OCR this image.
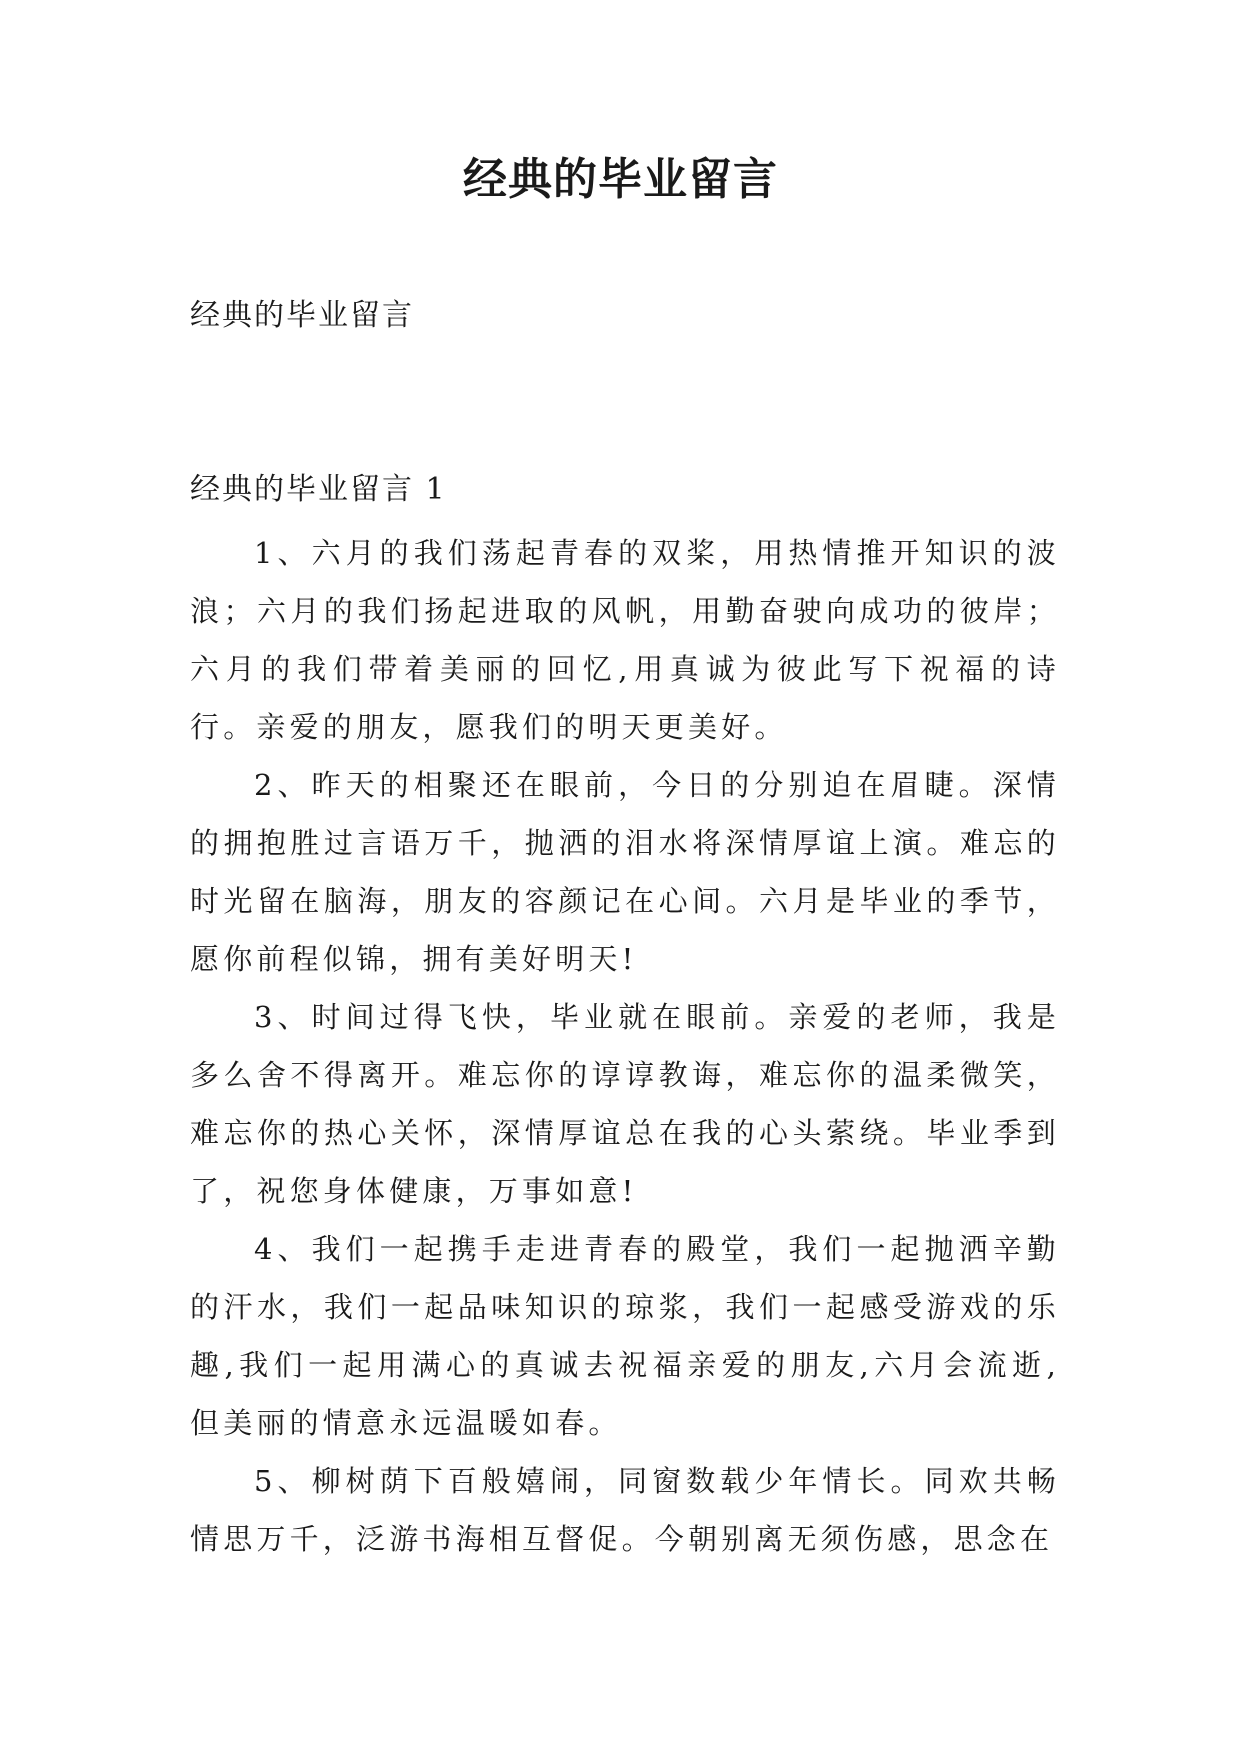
经典的毕业留言

经典的毕业留言

经典的毕业留言 1

1、六月的我们荡起青春的双桨，用热情推开知识的波浪；六月的我们扬起进取的风帆，用勤奋驶向成功的彼岸；六月的我们带着美丽的回忆,用真诚为彼此写下祝福的诗行。亲爱的朋友，愿我们的明天更美好。

2、昨天的相聚还在眼前，今日的分别迫在眉睫。深情的拥抱胜过言语万千，抛洒的泪水将深情厚谊上演。难忘的时光留在脑海，朋友的容颜记在心间。六月是毕业的季节，愿你前程似锦，拥有美好明天!

3、时间过得飞快，毕业就在眼前。亲爱的老师，我是多么舍不得离开。难忘你的谆谆教诲，难忘你的温柔微笑，难忘你的热心关怀，深情厚谊总在我的心头萦绕。毕业季到了，祝您身体健康，万事如意!

4、我们一起携手走进青春的殿堂，我们一起抛洒辛勤的汗水，我们一起品味知识的琼浆，我们一起感受游戏的乐趣,我们一起用满心的真诚去祝福亲爱的朋友,六月会流逝,但美丽的情意永远温暖如春。

5、柳树荫下百般嬉闹，同窗数载少年情长。同欢共畅情思万千，泛游书海相互督促。今朝别离无须伤感，思念在
